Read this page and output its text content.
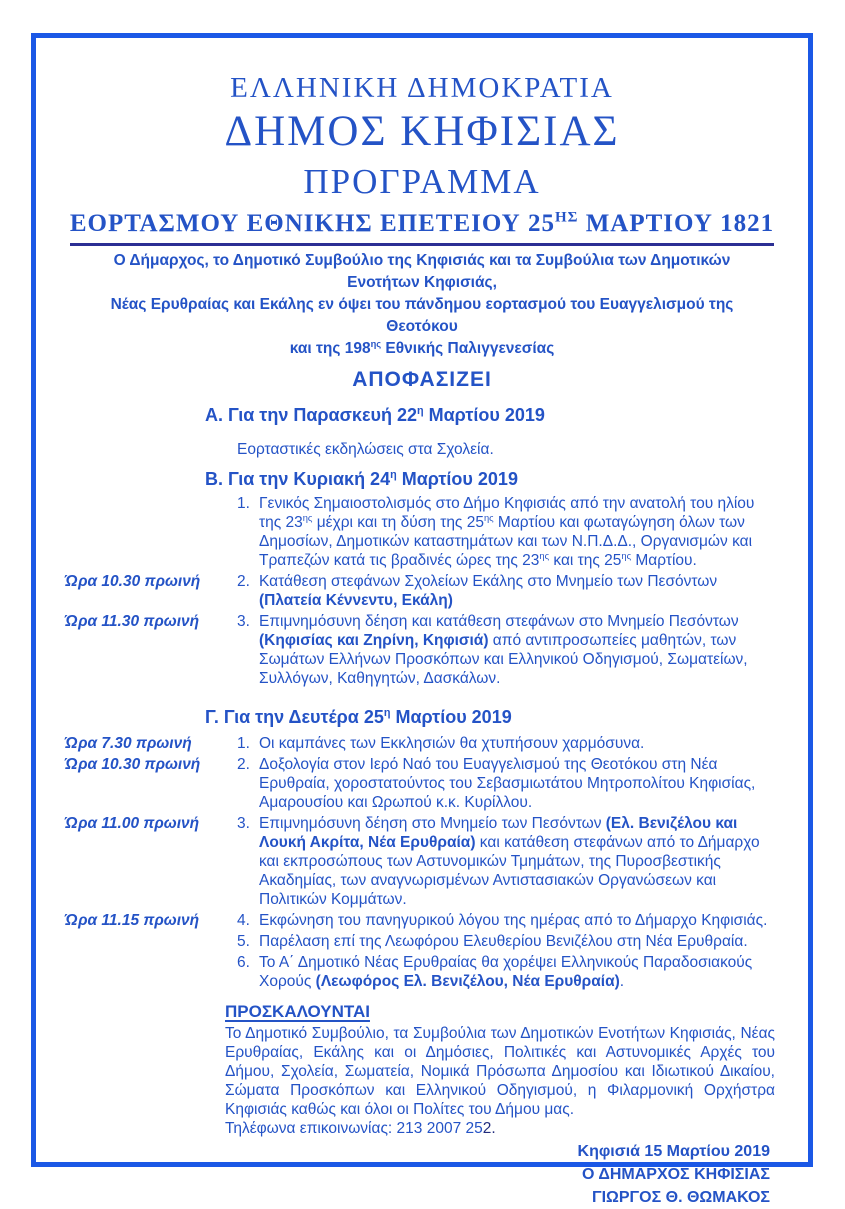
ΕΛΛΗΝΙΚΗ ΔΗΜΟΚΡΑΤΙΑ
ΔΗΜΟΣ ΚΗΦΙΣΙΑΣ
ΠΡΟΓΡΑΜΜΑ
ΕΟΡΤΑΣΜΟΥ ΕΘΝΙΚΗΣ ΕΠΕΤΕΙΟΥ $25^{H\Sigma}$ ΜΑΡΤΙΟΥ 1821
Ο Δήμαρχος, το Δημοτικό Συμβούλιο της Κηφισιάς και τα Συμβούλια των Δημοτικών Ενοτήτων Κηφισιάς,
Νέας Ερυθραίας και Εκάλης εν όψει του πάνδημου εορτασμού του Ευαγγελισμού της Θεοτόκου
και της $198^{\eta\varsigma}$ Εθνικής Παλιγγενεσίας
ΑΠΟΦΑΣΙΖΕΙ
Α. Για την Παρασκευή $22^\eta$ Μαρτίου 2019
Εορταστικές εκδηλώσεις στα Σχολεία.
Β. Για την Κυριακή $24^\eta$ Μαρτίου 2019
1. Γενικός Σημαιοστολισμός στο Δήμο Κηφισιάς από την ανατολή του ηλίου της $23^{\eta\varsigma}$ μέχρι και τη δύση της $25^{\eta\varsigma}$ Μαρτίου και φωταγώγηση όλων των Δημοσίων, Δημοτικών καταστημάτων και των Ν.Π.Δ.Δ., Οργανισμών και Τραπεζών κατά τις βραδινές ώρες της $23^{\eta\varsigma}$ και της $25^{\eta\varsigma}$ Μαρτίου.
Ώρα 10.30 πρωινή	2. Κατάθεση στεφάνων Σχολείων Εκάλης στο Μνημείο των Πεσόντων (Πλατεία Κέννεντυ, Εκάλη)
Ώρα 11.30 πρωινή	3. Επιμνημόσυνη δέηση και κατάθεση στεφάνων στο Μνημείο Πεσόντων (Κηφισίας και Ζηρίνη, Κηφισιά) από αντιπροσωπείες μαθητών, των Σωμάτων Ελλήνων Προσκόπων και Ελληνικού Οδηγισμού, Σωματείων, Συλλόγων, Καθηγητών, Δασκάλων.
Γ. Για την Δευτέρα $25^\eta$ Μαρτίου 2019
Ώρα 7.30 πρωινή	1. Οι καμπάνες των Εκκλησιών θα χτυπήσουν χαρμόσυνα.
Ώρα 10.30 πρωινή	2. Δοξολογία στον Ιερό Ναό του Ευαγγελισμού της Θεοτόκου στη Νέα Ερυθραία, χοροστατούντος του Σεβασμιωτάτου Μητροπολίτου Κηφισίας, Αμαρουσίου και Ωρωπού κ.κ. Κυρίλλου.
Ώρα 11.00 πρωινή	3. Επιμνημόσυνη δέηση στο Μνημείο των Πεσόντων (Ελ. Βενιζέλου και Λουκή Ακρίτα, Νέα Ερυθραία) και κατάθεση στεφάνων από το Δήμαρχο και εκπροσώπους των Αστυνομικών Τμημάτων, της Πυροσβεστικής Ακαδημίας, των αναγνωρισμένων Αντιστασιακών Οργανώσεων και Πολιτικών Κομμάτων.
Ώρα 11.15 πρωινή	4. Εκφώνηση του πανηγυρικού λόγου της ημέρας από το Δήμαρχο Κηφισιάς.
5. Παρέλαση επί της Λεωφόρου Ελευθερίου Βενιζέλου στη Νέα Ερυθραία.
6. Το Α΄ Δημοτικό Νέας Ερυθραίας θα χορέψει Ελληνικούς Παραδοσιακούς Χορούς (Λεωφόρος Ελ. Βενιζέλου, Νέα Ερυθραία).
ΠΡΟΣΚΑΛΟΥΝΤΑΙ
Το Δημοτικό Συμβούλιο, τα Συμβούλια των Δημοτικών Ενοτήτων Κηφισιάς, Νέας Ερυθραίας, Εκάλης και οι Δημόσιες, Πολιτικές και Αστυνομικές Αρχές του Δήμου, Σχολεία, Σωματεία, Νομικά Πρόσωπα Δημοσίου και Ιδιωτικού Δικαίου, Σώματα Προσκόπων και Ελληνικού Οδηγισμού, η Φιλαρμονική Ορχήστρα Κηφισιάς καθώς και όλοι οι Πολίτες του Δήμου μας.
Τηλέφωνα επικοινωνίας: 213 2007 252.
Κηφισιά 15 Μαρτίου 2019
Ο ΔΗΜΑΡΧΟΣ ΚΗΦΙΣΙΑΣ
ΓΙΩΡΓΟΣ Θ. ΘΩΜΑΚΟΣ
